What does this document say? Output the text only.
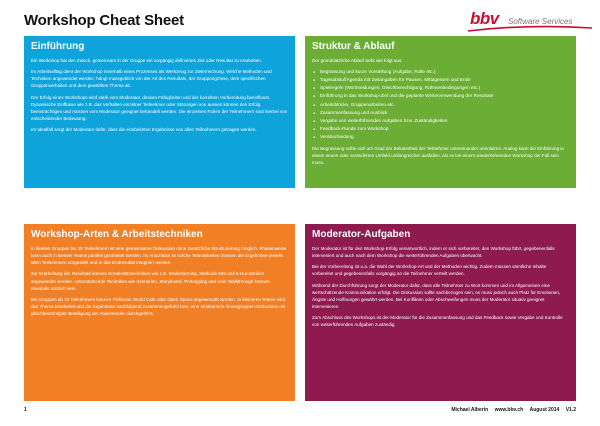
Workshop Cheat Sheet	bbv Software Services
Einführung

Ein Workshop hat den Zweck, gemeinsam in der Gruppe ein vorgängig definiertes Ziel oder Resultat zu erarbeiten.

Im Arbeitsalltag dient der Workshop innerhalb eines Prozesses als Werkzeug zur Zielerreichung. Welche Methoden und Techniken angewendet werden, hängt massgeblich von der Art des Resultats, der Gruppengrösse, dem spezifischen Gruppenverhalten und dem gewählten Thema ab.

Der Erfolg eines Workshops wird stark vom Moderator, dessen Fähigkeiten und der korrekten Vorbereitung beeinflusst. Dynamische Einflüsse wie z.B. das Verhalten einzelner Teilnehmer oder Störungen von aussen können den Erfolg beeinträchtigen und müssen vom Moderator geeignet behandelt werden. Die einzelnen Rollen der Teilnehmern sind hierbei von entscheidender Bedeutung.

Im Idealfall sorgt der Moderator dafür, dass die erarbeiteten Ergebnisse von allen Teilnehmern getragen werden.

Struktur & Ablauf

Der grundsätzliche Ablauf sieht wie folgt aus:

● Begrüssung und kurze Vorstellung (Aufgabe, Rolle etc.)
● Tagesablauf/Agenda mit Zeitangaben für Pausen, Mittagessen und Ende
● Spielregeln (Wortmeldungen, Gleichberechtigung, Rahmenbedingungen etc.)
● Einführung in das Workshop-Ziel und die geplante Weiterverwendung der Resultate
● Arbeitsblöcke, Gruppenarbeiten etc.
● Zusammenfassung und Ausblick
● Vergabe von weiterführenden Aufgaben bzw. Zuständigkeiten
● Feedback-Runde zum Workshop
● Verabschiedung

Die Begrüssung sollte sich am Grad der Bekanntheit der Teilnehmer untereinander orientieren. Analog kann die Einführung in einem neuen oder veränderten Umfeld umfangreicher ausfallen, als es bei einem wiederkehrenden Workshop der Fall sein muss.

Workshop-Arten & Arbeitstechniken

In kleinen Gruppen bis 10 Teilnehmern ist eine gemeinsame Diskussion ohne zusätzliche Strukturierung möglich. Phasenweise kann auch in kleinen Teams parallel gearbeitet werden. Im Anschluss an solche Teamarbeiten müssen die Ergebnisse jeweils allen Teilnehmern vorgestellt und in das Endresultat integriert werden.

Zur Erarbeitung der Resultate können Kreativitätstechniken wie z.B. Brainstorming, Methode 635 und 6-Hut-Denken angewendet werden. Unterstützende Techniken wie Szenarien, Storyboard, Prototyping und User Walkthrough können ebenfalls nützlich sein.

Bei Gruppen ab 10 Teilnehmern können Fishbowl, World Cafe oder Open Space angewendet werden. In kleineren Teams wird das Thema bearbeitet und die Ergebnisse nachfolgend zusammengeführt bzw. eine strukturierte Grossgruppen-Diskussion mit gleichberechtigter Beteiligung der Anwesenden durchgeführt.

Moderator-Aufgaben

Der Moderator ist für den Workshop-Erfolg verantwortlich, indem er sich vorbereitet, den Workshop führt, gegebenenfalls interveniert und auch nach dem Workshop die weiterführenden Aufgaben überwacht.

Bei der Vorbereitung ist u.a. die Wahl der Workshop-Art und der Methoden wichtig. Zudem müssen sämtliche Inhalte vorbereitet und gegebenenfalls vorgängig an die Teilnehmer verteilt werden.

Während der Durchführung sorgt der Moderator dafür, dass alle Teilnehmer zu Wort kommen und im Allgemeinen eine wertschätzende Kommunikation erfolgt. Die Diskussion sollte sachbezogen sein, es muss jedoch auch Platz für Emotionen, Ängste und Hoffnungen gewährt werden. Bei Konflikten oder Abschweifungen muss der Moderator situativ geeignet intervenieren.

Zum Abschluss des Workshops ist der Moderator für die Zusammenfassung und das Feedback sowie Vergabe und Kontrolle von weiterführenden Aufgaben zuständig.

1	Michael Alberin www.bbv.ch August 2014 V1.2
